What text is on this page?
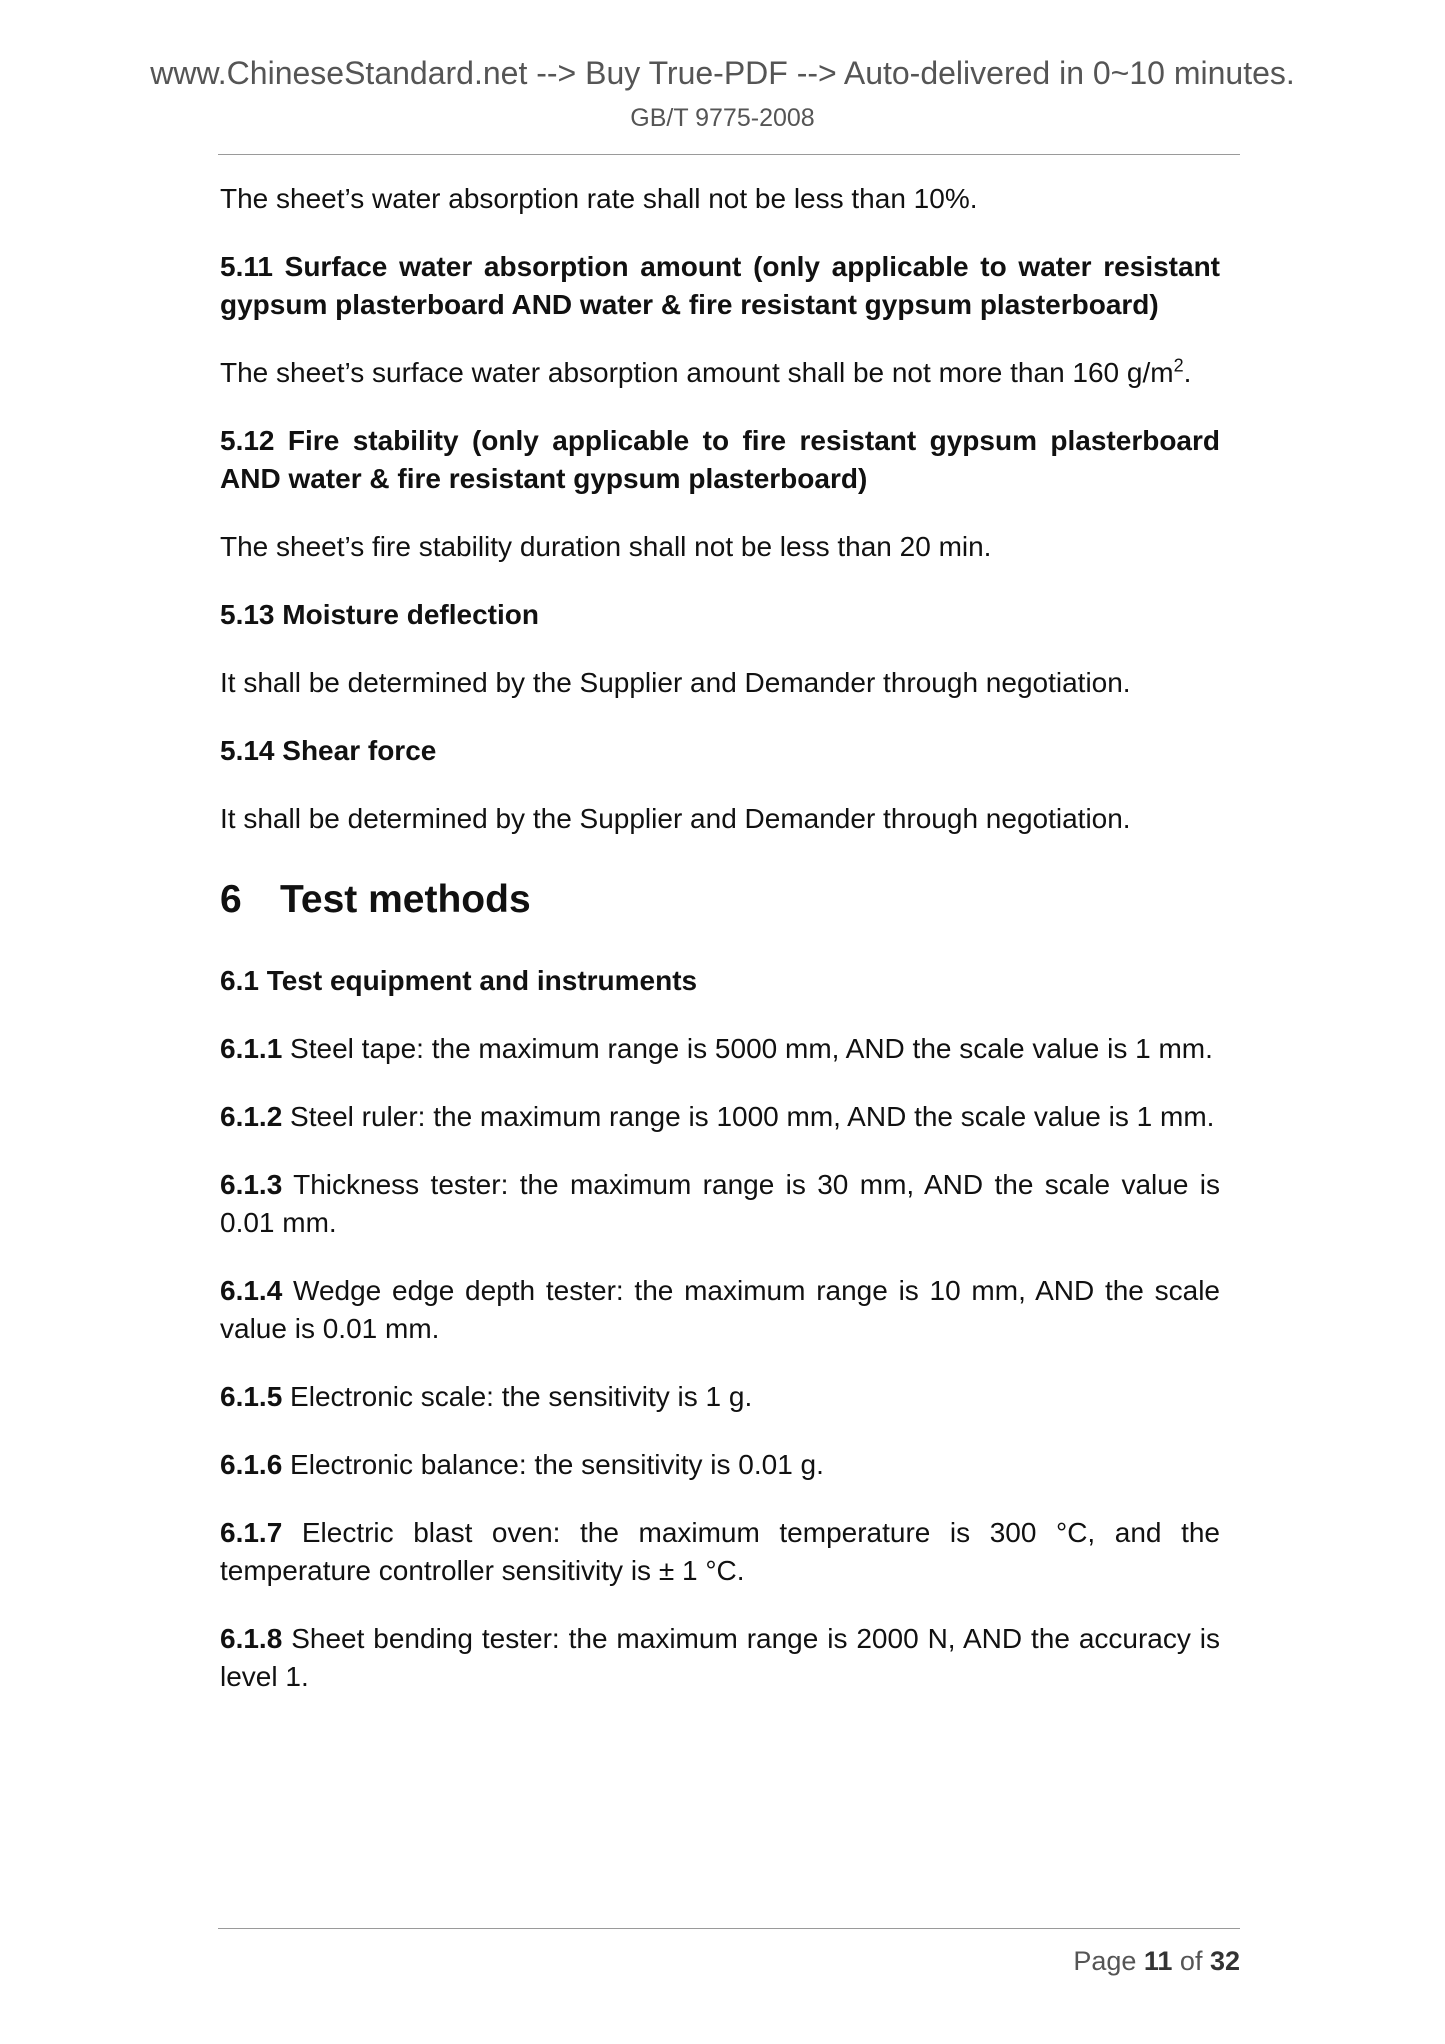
www.ChineseStandard.net --> Buy True-PDF --> Auto-delivered in 0~10 minutes.
GB/T 9775-2008

The sheet’s water absorption rate shall not be less than 10%.

5.11 Surface water absorption amount (only applicable to water resistant gypsum plasterboard AND water & fire resistant gypsum plasterboard)

The sheet’s surface water absorption amount shall be not more than 160 $g/m^2$.

5.12 Fire stability (only applicable to fire resistant gypsum plasterboard AND water & fire resistant gypsum plasterboard)

The sheet’s fire stability duration shall not be less than 20 min.

5.13 Moisture deflection

It shall be determined by the Supplier and Demander through negotiation.

5.14 Shear force

It shall be determined by the Supplier and Demander through negotiation.

6 Test methods

6.1 Test equipment and instruments

6.1.1 Steel tape: the maximum range is 5000 mm, AND the scale value is 1 mm.

6.1.2 Steel ruler: the maximum range is 1000 mm, AND the scale value is 1 mm.

6.1.3 Thickness tester: the maximum range is 30 mm, AND the scale value is 0.01 mm.

6.1.4 Wedge edge depth tester: the maximum range is 10 mm, AND the scale value is 0.01 mm.

6.1.5 Electronic scale: the sensitivity is 1 g.

6.1.6 Electronic balance: the sensitivity is 0.01 g.

6.1.7 Electric blast oven: the maximum temperature is 300 °C, and the temperature controller sensitivity is ± 1 °C.

6.1.8 Sheet bending tester: the maximum range is 2000 N, AND the accuracy is level 1.

Page 11 of 32
